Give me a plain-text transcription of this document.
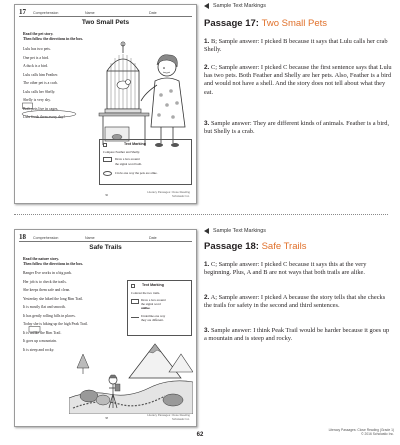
17 Comprehension	Name	Date
Two Small Pets
Read the pet story.
Then follow the directions in the box.
Lulu has two pets.
One pet is a bird.
A duck is a bird.
Lulu calls him Feather.
The other pet is a crab.
Lulu calls her Shelly.
Shelly is very shy.
Both pets live in cages.
Lulu feeds them every day!
Text Marking
Compare Feather and Shelly.
Draw a box around
the signal word both.
Circle one way the pets are alike.
36
Literacy Passages: Close Reading
Scholastic Inc.
Sample Text Markings
Passage 17: Two Small Pets
1. B; Sample answer: I picked B because it says that Lulu calls her crab Shelly.
2. C; Sample answer: I picked C because the first sentence says that Lulu has two pets. Both Feather and Shelly are her pets. Also, Feather is a bird and would not have a shell. And the story does not tell about what they eat.
3. Sample answer: They are different kinds of animals. Feather is a bird, but Shelly is a crab.
18 Comprehension	Name	Date
Safe Trails
Read the nature story.
Then follow the directions in the box.
Ranger Eve works in a big park.
Her job is to check the trails.
She keeps them safe and clean.
Yesterday she hiked the long Rim Trail.
It is mostly flat and smooth.
It has gently rolling hills in places.
Today she is hiking up the high Peak Trail.
It is unlike the Rim Trail.
It goes up a mountain.
It is steep and rocky.
Text Marking
Contrast the two trails.
Draw a box around
the signal word
unlike.
Underline one way
they are different.
38
Literacy Passages: Close Reading
Scholastic Inc.
Sample Text Markings
Passage 18: Safe Trails
1. C; Sample answer: I picked C because it says this at the very beginning. Plus, A and B are not ways that both trails are alike.
2. A; Sample answer: I picked A because the story tells that she checks the trails for safety in the second and third sentences.
3. Sample answer: I think Peak Trail would be harder because it goes up a mountain and is steep and rocky.
Literacy Passages: Close Reading (Grade 1)
© 2016 Scholastic Inc.
62
